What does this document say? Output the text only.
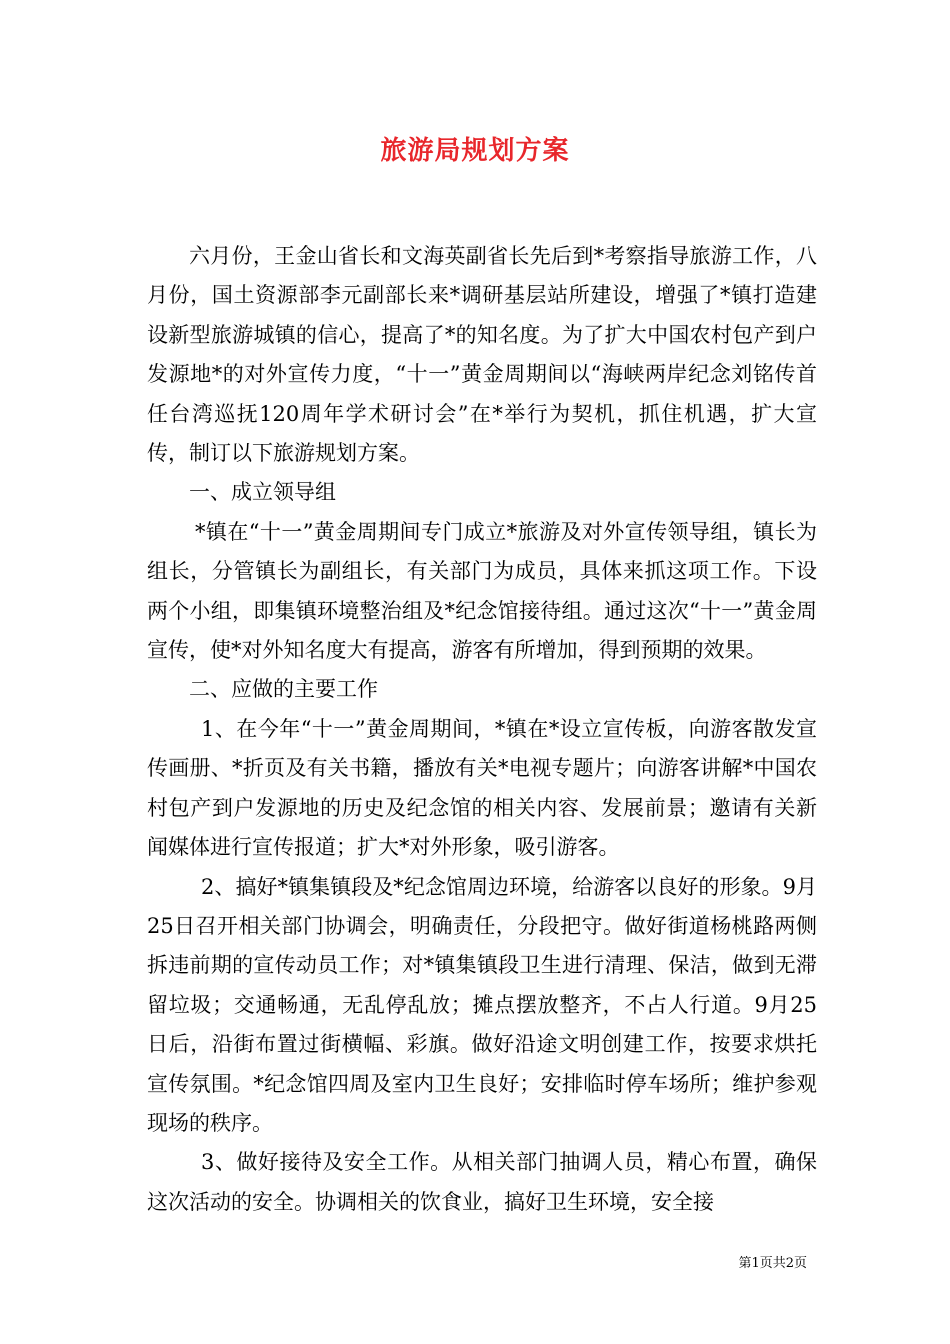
旅游局规划方案

六月份，王金山省长和文海英副省长先后到*考察指导旅游工作，八月份，国土资源部李元副部长来*调研基层站所建设，增强了*镇打造建设新型旅游城镇的信心，提高了*的知名度。为了扩大中国农村包产到户发源地*的对外宣传力度，“十一”黄金周期间以“海峡两岸纪念刘铭传首任台湾巡抚120周年学术研讨会”在*举行为契机，抓住机遇，扩大宣传，制订以下旅游规划方案。

一、成立领导组

*镇在“十一”黄金周期间专门成立*旅游及对外宣传领导组，镇长为组长，分管镇长为副组长，有关部门为成员，具体来抓这项工作。下设两个小组，即集镇环境整治组及*纪念馆接待组。通过这次“十一”黄金周宣传，使*对外知名度大有提高，游客有所增加，得到预期的效果。

二、应做的主要工作

1、在今年“十一”黄金周期间，*镇在*设立宣传板，向游客散发宣传画册、*折页及有关书籍，播放有关*电视专题片；向游客讲解*中国农村包产到户发源地的历史及纪念馆的相关内容、发展前景；邀请有关新闻媒体进行宣传报道；扩大*对外形象，吸引游客。

2、搞好*镇集镇段及*纪念馆周边环境，给游客以良好的形象。9月25日召开相关部门协调会，明确责任，分段把守。做好街道杨桃路两侧拆违前期的宣传动员工作；对*镇集镇段卫生进行清理、保洁，做到无滞留垃圾；交通畅通，无乱停乱放；摊点摆放整齐，不占人行道。9月25日后，沿街布置过街横幅、彩旗。做好沿途文明创建工作，按要求烘托宣传氛围。*纪念馆四周及室内卫生良好；安排临时停车场所；维护参观现场的秩序。

3、做好接待及安全工作。从相关部门抽调人员，精心布置，确保这次活动的安全。协调相关的饮食业，搞好卫生环境，安全接

第1页共2页
